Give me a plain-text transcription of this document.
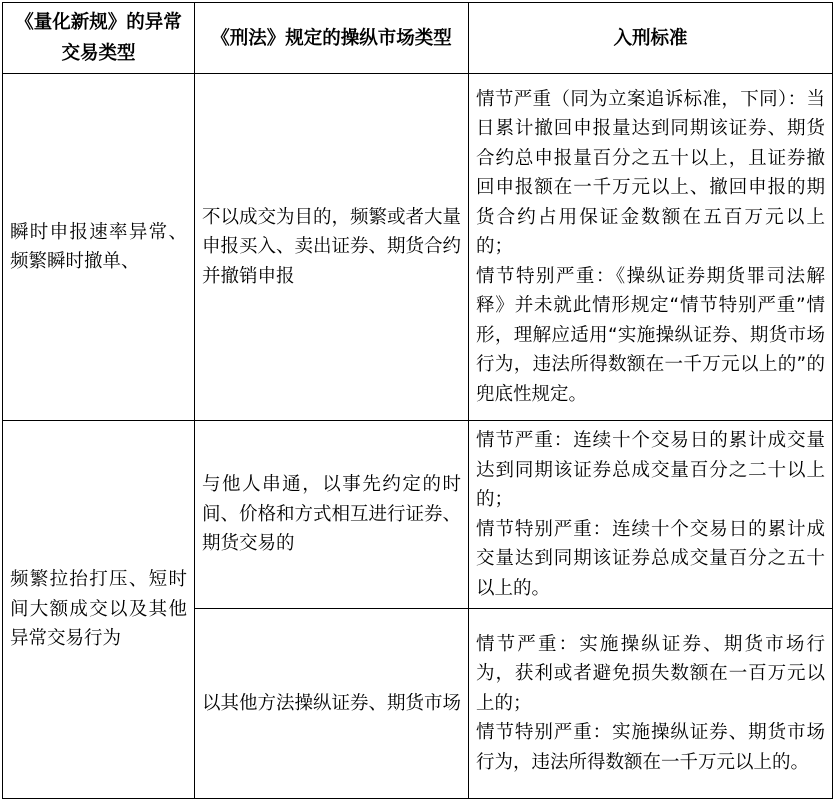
《量化新规》的异常交易类型	《刑法》规定的操纵市场类型	入刑标准
瞬时申报速率异常、频繁瞬时撤单、	不以成交为目的，频繁或者大量申报买入、卖出证券、期货合约并撤销申报	情节严重（同为立案追诉标准，下同）：当日累计撤回申报量达到同期该证券、期货合约总申报量百分之五十以上，且证券撤回申报额在一千万元以上、撤回申报的期货合约占用保证金数额在五百万元以上的；

情节特别严重：《操纵证券期货罪司法解释》并未就此情形规定“情节特别严重”情形，理解应适用“实施操纵证券、期货市场行为，违法所得数额在一千万元以上的”的兜底性规定。

频繁拉抬打压、短时间大额成交以及其他异常交易行为	与他人串通，以事先约定的时间、价格和方式相互进行证券、期货交易的	情节严重：连续十个交易日的累计成交量达到同期该证券总成交量百分之二十以上的；

情节特别严重：连续十个交易日的累计成交量达到同期该证券总成交量百分之五十以上的。

	以其他方法操纵证券、期货市场	情节严重：实施操纵证券、期货市场行为，获利或者避免损失数额在一百万元以上的；

情节特别严重：实施操纵证券、期货市场行为，违法所得数额在一千万元以上的。
